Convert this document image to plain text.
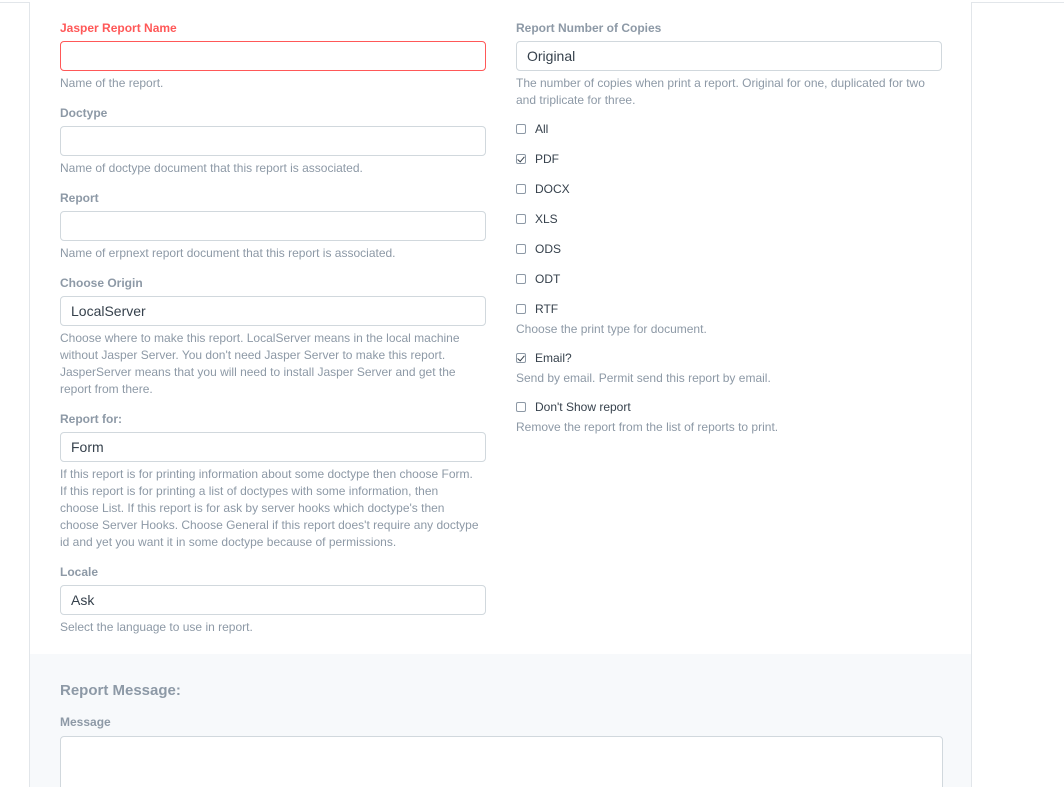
Jasper Report Name
Name of the report.
Doctype
Name of doctype document that this report is associated.
Report
Name of erpnext report document that this report is associated.
Choose Origin
LocalServer
Choose where to make this report. LocalServer means in the local machine
without Jasper Server. You don't need Jasper Server to make this report.
JasperServer means that you will need to install Jasper Server and get the
report from there.
Report for:
Form
If this report is for printing information about some doctype then choose Form.
If this report is for printing a list of doctypes with some information, then
choose List. If this report is for ask by server hooks which doctype's then
choose Server Hooks. Choose General if this report does't require any doctype
id and yet you want it in some doctype because of permissions.
Locale
Ask
Select the language to use in report.
Report Number of Copies
Original
The number of copies when print a report. Original for one, duplicated for two
and triplicate for three.
All
PDF
DOCX
XLS
ODS
ODT
RTF
Choose the print type for document.
Email?
Send by email. Permit send this report by email.
Don't Show report
Remove the report from the list of reports to print.
Report Message:
Message
